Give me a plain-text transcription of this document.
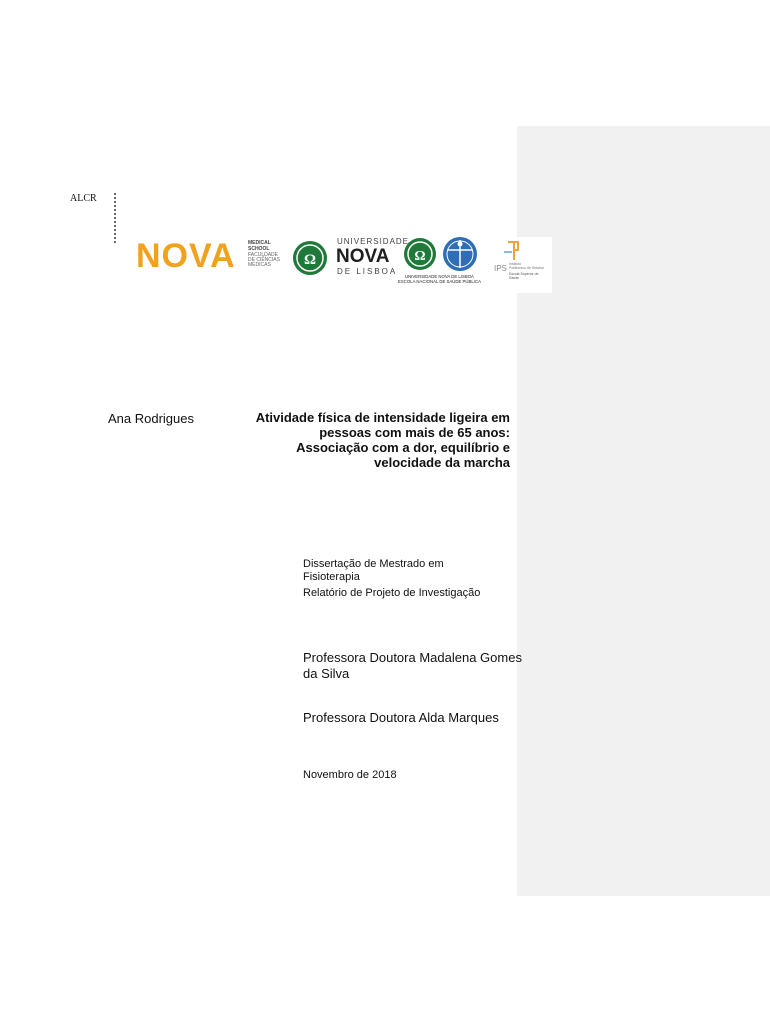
ALCR
NOVA MEDICAL
SCHOOL
FACULDADE
DE CIÊNCIAS
MÉDICAS Ω
UNIVERSIDADE
NOVA
DE LISBOA
Ω
UNIVERSIDADE NOVA DE LISBOA
ESCOLA NACIONAL DE SAÚDE PÚBLICA
IPS Instituto
Politécnico de Setúbal
Escola Superior de
Saúde
Ana Rodrigues	Atividade física de intensidade ligeira em
pessoas com mais de 65 anos:
Associação com a dor, equilíbrio e
velocidade da marcha
Dissertação de Mestrado em Fisioterapia
Relatório de Projeto de Investigação
Professora Doutora Madalena Gomes da Silva
Professora Doutora Alda Marques
Novembro de 2018
